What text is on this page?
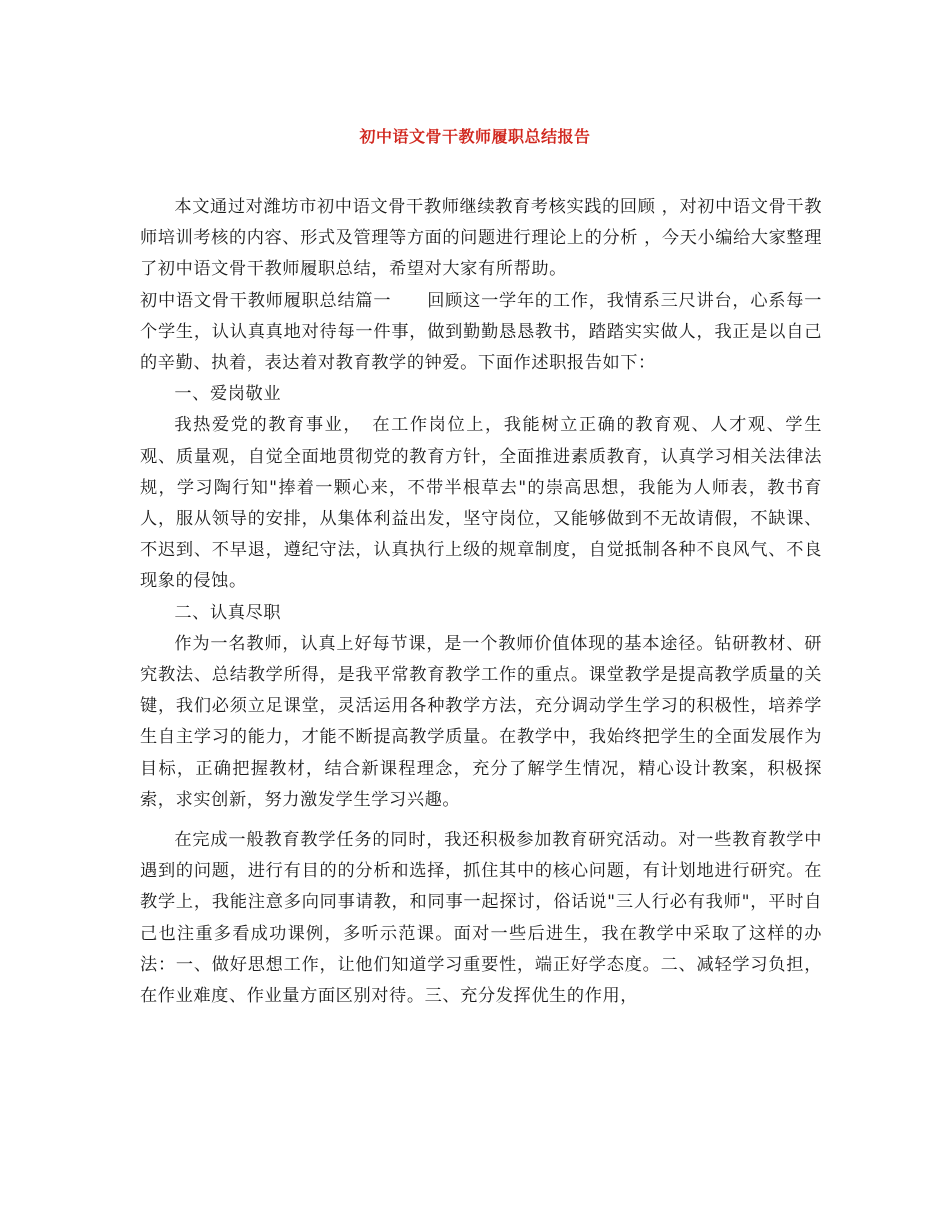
初中语文骨干教师履职总结报告

本文通过对潍坊市初中语文骨干教师继续教育考核实践的回顾 ，对初中语文骨干教师培训考核的内容、形式及管理等方面的问题进行理论上的分析 ，今天小编给大家整理了初中语文骨干教师履职总结，希望对大家有所帮助。

初中语文骨干教师履职总结篇一　　回顾这一学年的工作，我情系三尺讲台，心系每一个学生，认认真真地对待每一件事，做到勤勤恳恳教书，踏踏实实做人，我正是以自己的辛勤、执着，表达着对教育教学的钟爱。下面作述职报告如下：

一、爱岗敬业

我热爱党的教育事业，　在工作岗位上，我能树立正确的教育观、人才观、学生观、质量观，自觉全面地贯彻党的教育方针，全面推进素质教育，认真学习相关法律法规，学习陶行知"捧着一颗心来，不带半根草去"的崇高思想，我能为人师表，教书育人，服从领导的安排，从集体利益出发，坚守岗位，又能够做到不无故请假，不缺课、不迟到、不早退，遵纪守法，认真执行上级的规章制度，自觉抵制各种不良风气、不良现象的侵蚀。

二、认真尽职

作为一名教师，认真上好每节课，是一个教师价值体现的基本途径。钻研教材、研究教法、总结教学所得，是我平常教育教学工作的重点。课堂教学是提高教学质量的关键，我们必须立足课堂，灵活运用各种教学方法，充分调动学生学习的积极性，培养学生自主学习的能力，才能不断提高教学质量。在教学中，我始终把学生的全面发展作为目标，正确把握教材，结合新课程理念，充分了解学生情况，精心设计教案，积极探索，求实创新，努力激发学生学习兴趣。

在完成一般教育教学任务的同时，我还积极参加教育研究活动。对一些教育教学中遇到的问题，进行有目的的分析和选择，抓住其中的核心问题，有计划地进行研究。在教学上，我能注意多向同事请教，和同事一起探讨，俗话说"三人行必有我师"，平时自己也注重多看成功课例，多听示范课。面对一些后进生，我在教学中采取了这样的办法：一、做好思想工作，让他们知道学习重要性，端正好学态度。二、减轻学习负担，在作业难度、作业量方面区别对待。三、充分发挥优生的作用，
